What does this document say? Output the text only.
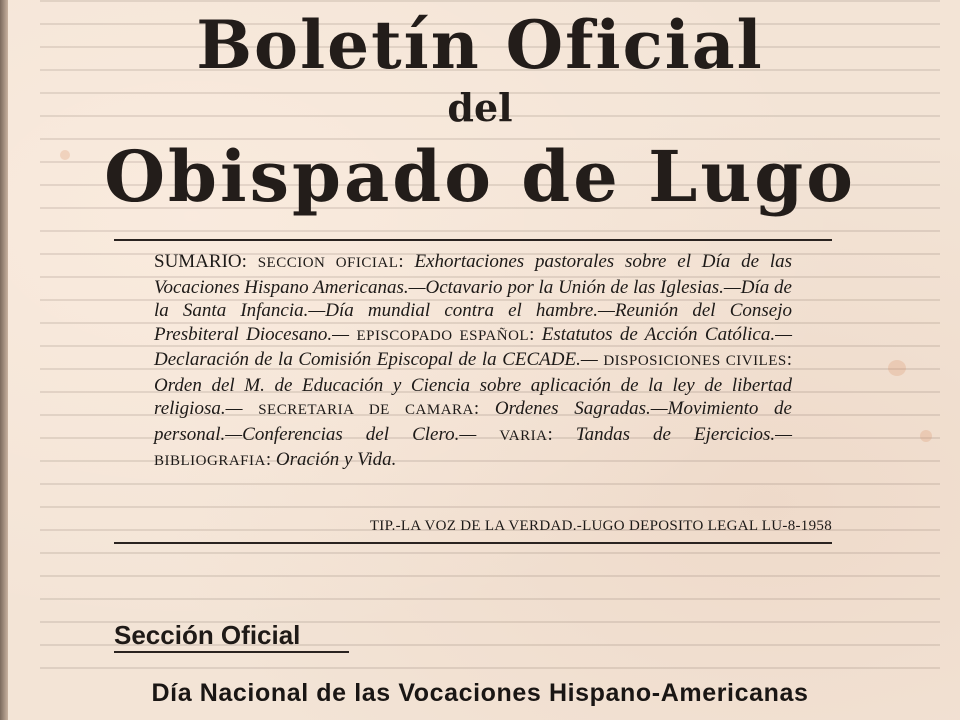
Boletín Oficial
del
Obispado de Lugo

SUMARIO: SECCION OFICIAL: Exhortaciones pastorales sobre el Día de las Vocaciones Hispano Americanas.—Octavario por la Unión de las Iglesias.—Día de la Santa Infancia.—Día mundial contra el hambre.—Reunión del Consejo Presbiteral Diocesano.— EPISCOPADO ESPAÑOL: Estatutos de Acción Católica.—Declaración de la Comisión Episcopal de la CECADE.— DISPOSICIONES CIVILES: Orden del M. de Educación y Ciencia sobre aplicación de la ley de libertad religiosa.— SECRETARIA DE CAMARA: Ordenes Sagradas.—Movimiento de personal.—Conferencias del Clero.— VARIA: Tandas de Ejercicios.— BIBLIOGRAFIA: Oración y Vida.

TIP.-LA VOZ DE LA VERDAD.-LUGO DEPOSITO LEGAL LU-8-1958
Sección Oficial
Día Nacional de las Vocaciones Hispano-Americanas
